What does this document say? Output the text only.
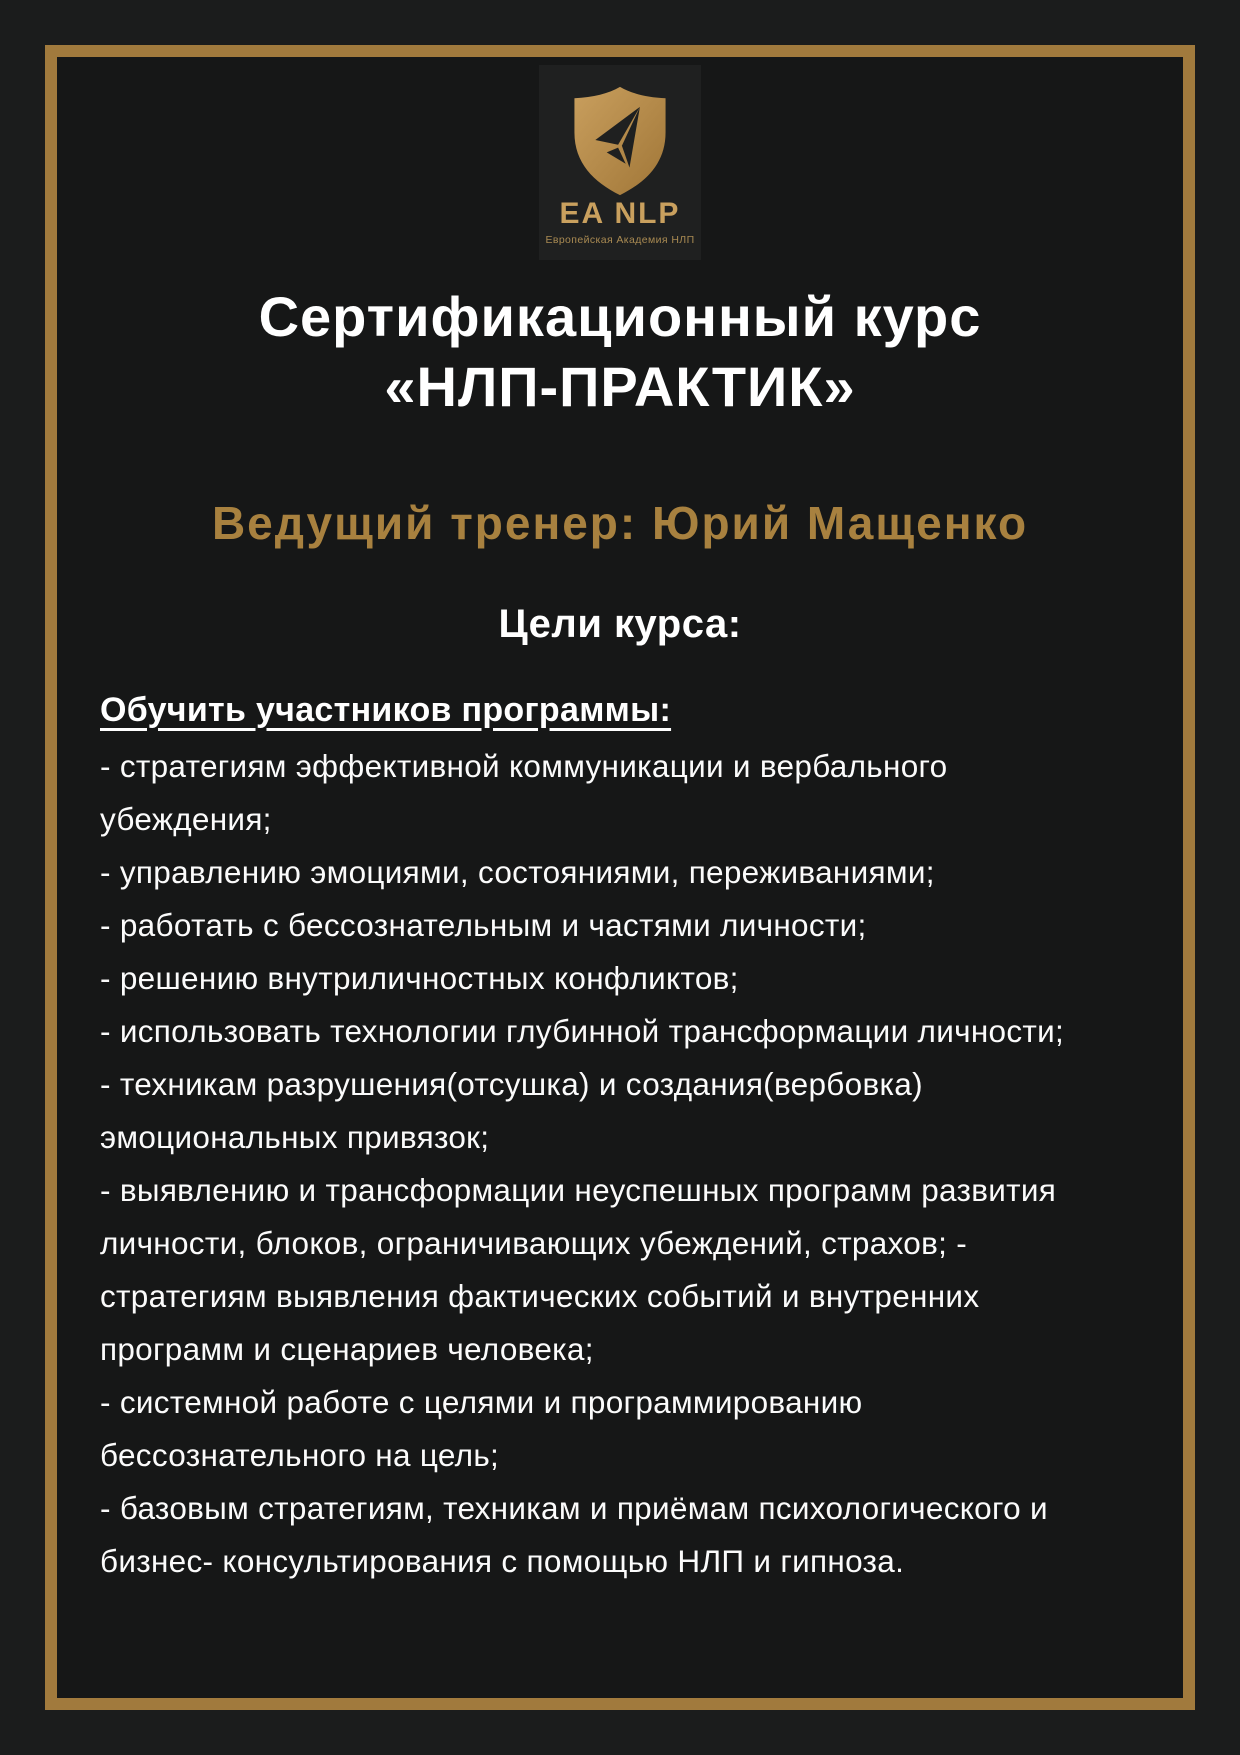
EA NLP
Европейская Академия НЛП
Сертификационный курс
«НЛП-ПРАКТИК»
Ведущий тренер: Юрий Мащенко
Цели курса:

Обучить участников программы:

- стратегиям эффективной коммуникации и вербального убеждения;

- управлению эмоциями, состояниями, переживаниями;

- работать с бессознательным и частями личности;

- решению внутриличностных конфликтов;

- использовать технологии глубинной трансформации личности;

- техникам разрушения(отсушка) и создания(вербовка) эмоциональных привязок;

- выявлению и трансформации неуспешных программ развития личности, блоков, ограничивающих убеждений, страхов; - стратегиям выявления фактических событий и внутренних программ и сценариев человека;

- системной работе с целями и программированию бессознательного на цель;

- базовым стратегиям, техникам и приёмам психологического и бизнес- консультирования с помощью НЛП и гипноза.
